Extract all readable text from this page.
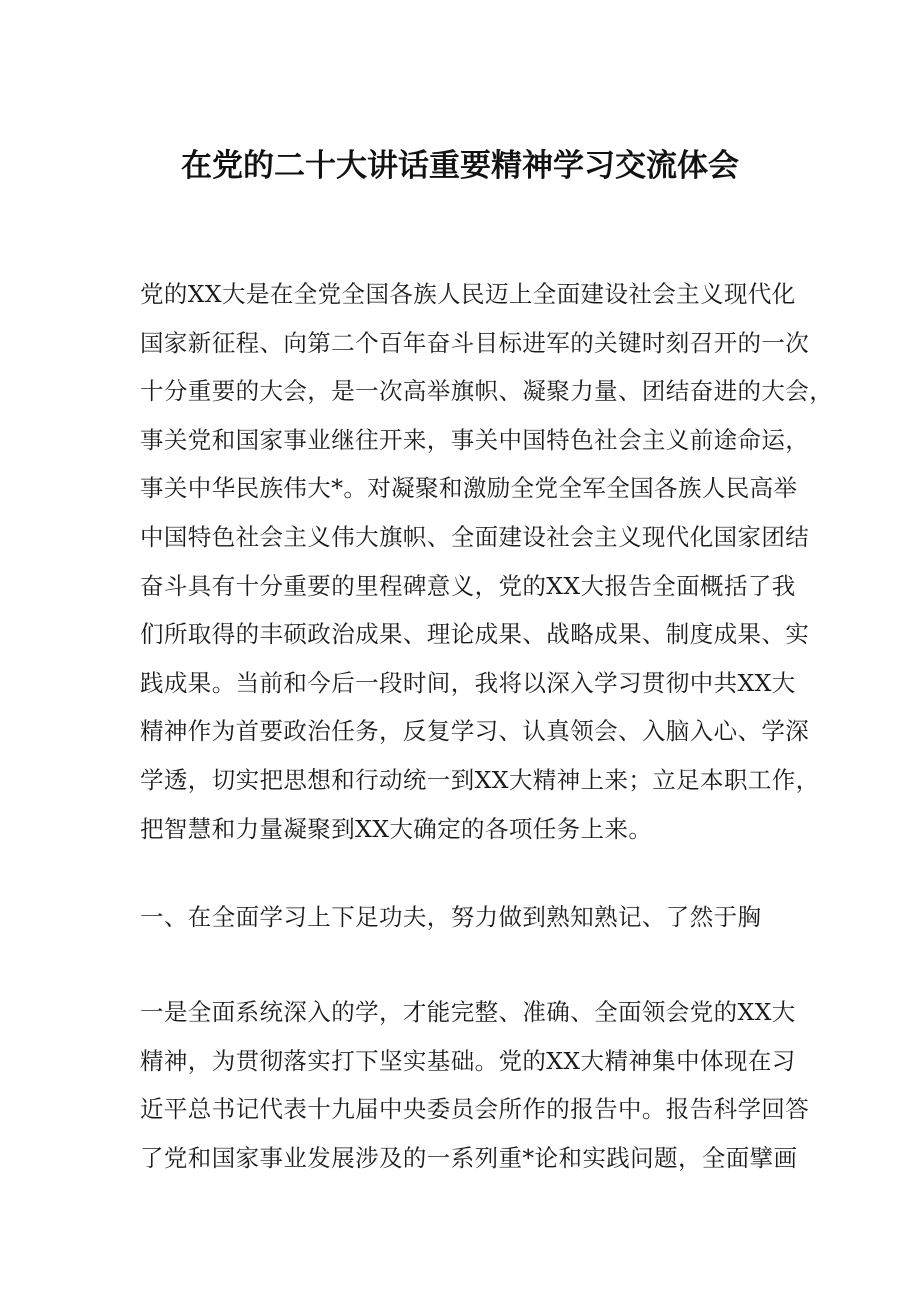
在党的二十大讲话重要精神学习交流体会
党的XX大是在全党全国各族人民迈上全面建设社会主义现代化
国家新征程、向第二个百年奋斗目标进军的关键时刻召开的一次
十分重要的大会，是一次高举旗帜、凝聚力量、团结奋进的大会，
事关党和国家事业继往开来，事关中国特色社会主义前途命运，
事关中华民族伟大*。对凝聚和激励全党全军全国各族人民高举
中国特色社会主义伟大旗帜、全面建设社会主义现代化国家团结
奋斗具有十分重要的里程碑意义，党的XX大报告全面概括了我
们所取得的丰硕政治成果、理论成果、战略成果、制度成果、实
践成果。当前和今后一段时间，我将以深入学习贯彻中共XX大
精神作为首要政治任务，反复学习、认真领会、入脑入心、学深
学透，切实把思想和行动统一到XX大精神上来；立足本职工作，
把智慧和力量凝聚到XX大确定的各项任务上来。
一、在全面学习上下足功夫，努力做到熟知熟记、了然于胸
一是全面系统深入的学，才能完整、准确、全面领会党的XX大
精神，为贯彻落实打下坚实基础。党的XX大精神集中体现在习
近平总书记代表十九届中央委员会所作的报告中。报告科学回答
了党和国家事业发展涉及的一系列重*论和实践问题，全面擘画
